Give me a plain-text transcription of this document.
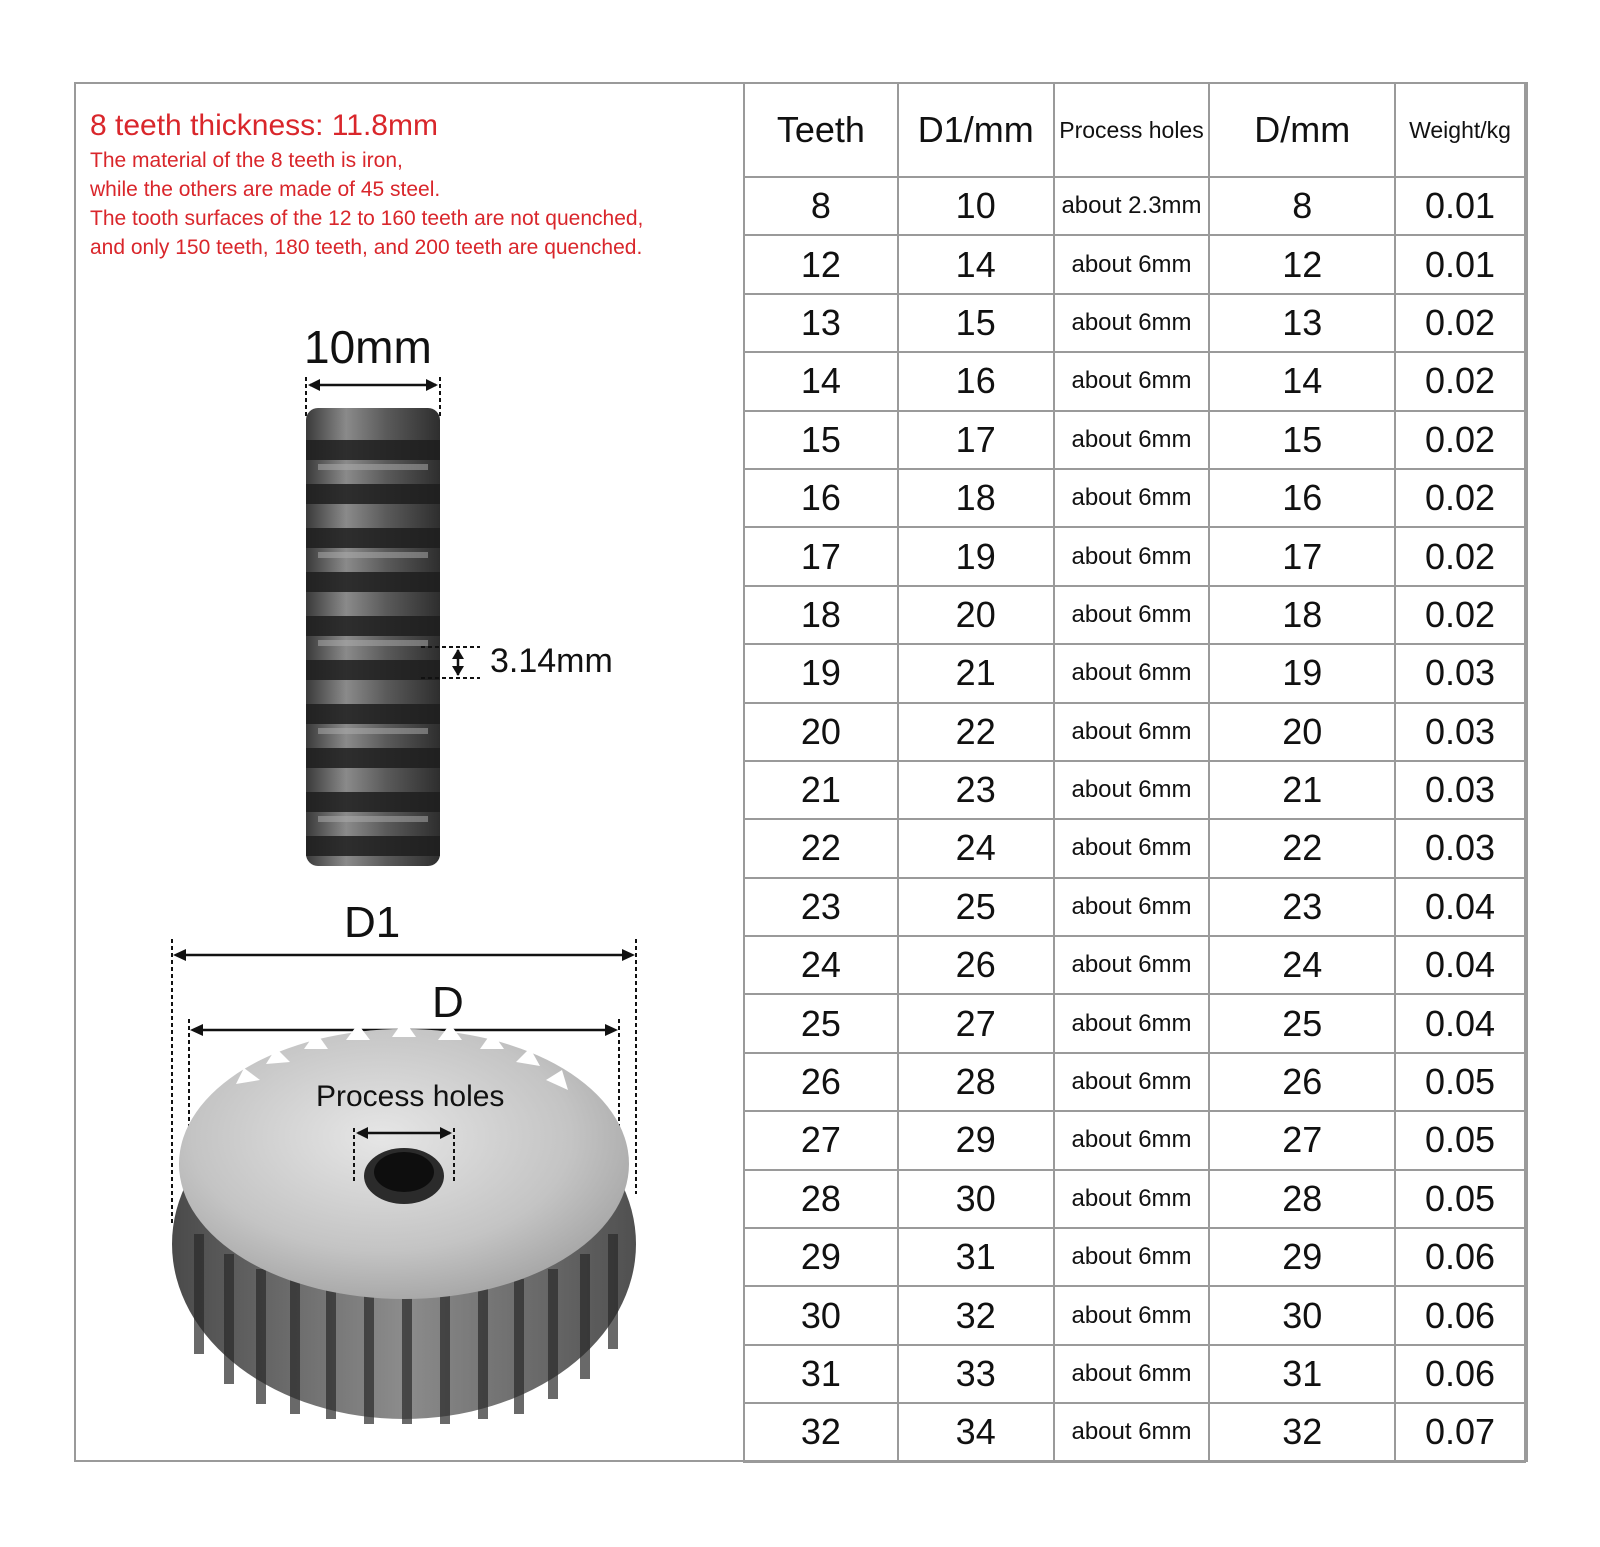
8 teeth thickness: 11.8mm
The material of the 8 teeth is iron,
while the others are made of 45 steel.
The tooth surfaces of the 12 to 160 teeth are not quenched,
and only 150 teeth, 180 teeth, and 200 teeth are quenched.
10mm
3.14mm
D1
D
Process holes
Teeth	D1/mm	Process holes	D/mm	Weight/kg
8	10	about 2.3mm	8	0.01
12	14	about 6mm	12	0.01
13	15	about 6mm	13	0.02
14	16	about 6mm	14	0.02
15	17	about 6mm	15	0.02
16	18	about 6mm	16	0.02
17	19	about 6mm	17	0.02
18	20	about 6mm	18	0.02
19	21	about 6mm	19	0.03
20	22	about 6mm	20	0.03
21	23	about 6mm	21	0.03
22	24	about 6mm	22	0.03
23	25	about 6mm	23	0.04
24	26	about 6mm	24	0.04
25	27	about 6mm	25	0.04
26	28	about 6mm	26	0.05
27	29	about 6mm	27	0.05
28	30	about 6mm	28	0.05
29	31	about 6mm	29	0.06
30	32	about 6mm	30	0.06
31	33	about 6mm	31	0.06
32	34	about 6mm	32	0.07
